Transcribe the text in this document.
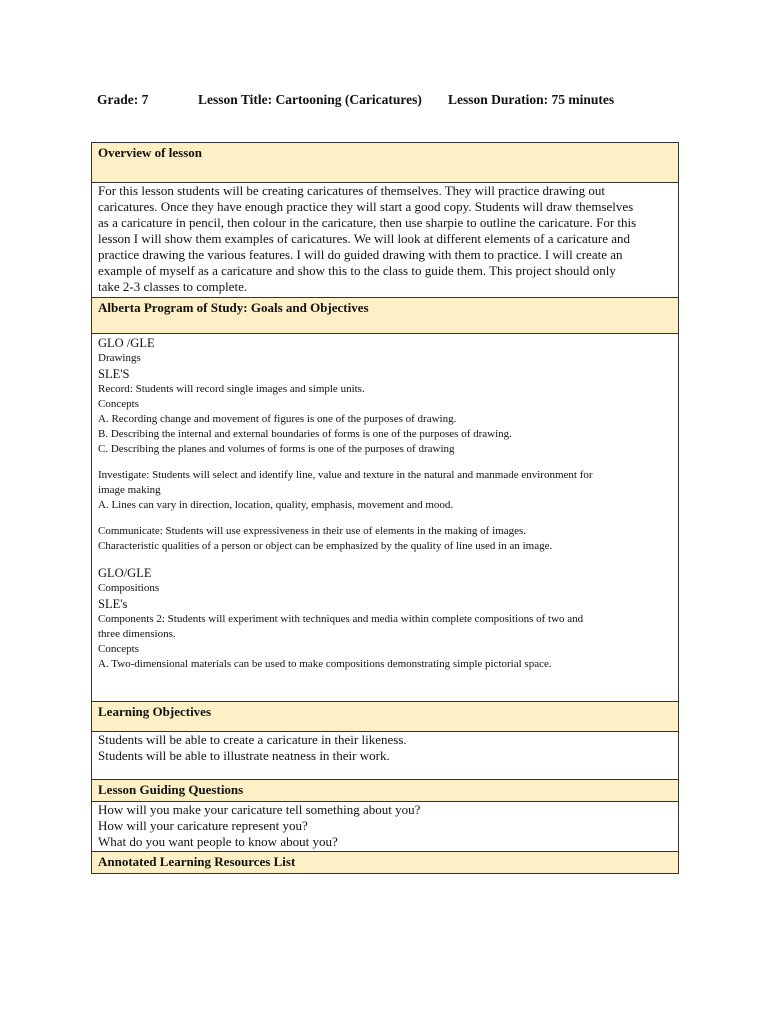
Grade: 7	Lesson Title: Cartooning (Caricatures) Lesson Duration: 75 minutes
Overview of lesson

For this lesson students will be creating caricatures of themselves. They will practice drawing out
caricatures. Once they have enough practice they will start a good copy. Students will draw themselves
as a caricature in pencil, then colour in the caricature, then use sharpie to outline the caricature. For this
lesson I will show them examples of caricatures. We will look at different elements of a caricature and
practice drawing the various features. I will do guided drawing with them to practice. I will create an
example of myself as a caricature and show this to the class to guide them. This project should only
take 2-3 classes to complete.

Alberta Program of Study: Goals and Objectives

GLO /GLE
Drawings
SLE'S
Record: Students will record single images and simple units.
Concepts
A. Recording change and movement of figures is one of the purposes of drawing.
B. Describing the internal and external boundaries of forms is one of the purposes of drawing.
C. Describing the planes and volumes of forms is one of the purposes of drawing
Investigate: Students will select and identify line, value and texture in the natural and manmade environment for
image making
A. Lines can vary in direction, location, quality, emphasis, movement and mood.
Communicate: Students will use expressiveness in their use of elements in the making of images.
Characteristic qualities of a person or object can be emphasized by the quality of line used in an image.
GLO/GLE
Compositions
SLE's
Components 2: Students will experiment with techniques and media within complete compositions of two and
three dimensions.
Concepts
A. Two-dimensional materials can be used to make compositions demonstrating simple pictorial space.

Learning Objectives

Students will be able to create a caricature in their likeness.
Students will be able to illustrate neatness in their work.

Lesson Guiding Questions

How will you make your caricature tell something about you?
How will your caricature represent you?
What do you want people to know about you?

Annotated Learning Resources List
